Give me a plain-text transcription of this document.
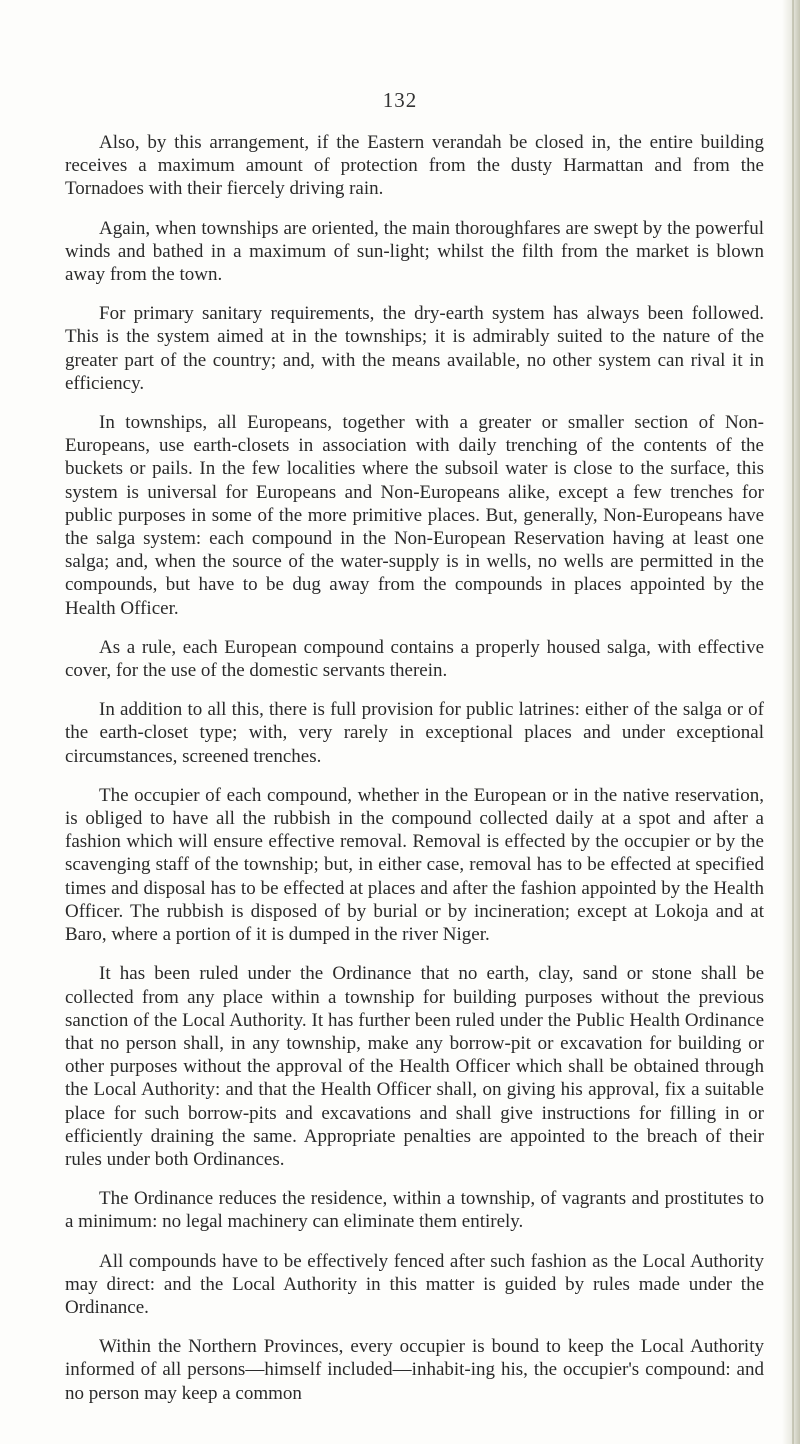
132

Also, by this arrangement, if the Eastern verandah be closed in, the entire building receives a maximum amount of protection from the dusty Harmattan and from the Tornadoes with their fiercely driving rain.

Again, when townships are oriented, the main thoroughfares are swept by the powerful winds and bathed in a maximum of sun-light; whilst the filth from the market is blown away from the town.

For primary sanitary requirements, the dry-earth system has always been followed. This is the system aimed at in the townships; it is admirably suited to the nature of the greater part of the country; and, with the means available, no other system can rival it in efficiency.

In townships, all Europeans, together with a greater or smaller section of Non-Europeans, use earth-closets in association with daily trenching of the contents of the buckets or pails. In the few localities where the subsoil water is close to the surface, this system is universal for Europeans and Non-Europeans alike, except a few trenches for public purposes in some of the more primitive places. But, generally, Non-Europeans have the salga system: each compound in the Non-European Reservation having at least one salga; and, when the source of the water-supply is in wells, no wells are permitted in the compounds, but have to be dug away from the compounds in places appointed by the Health Officer.

As a rule, each European compound contains a properly housed salga, with effective cover, for the use of the domestic servants therein.

In addition to all this, there is full provision for public latrines: either of the salga or of the earth-closet type; with, very rarely in exceptional places and under exceptional circumstances, screened trenches.

The occupier of each compound, whether in the European or in the native reservation, is obliged to have all the rubbish in the compound collected daily at a spot and after a fashion which will ensure effective removal. Removal is effected by the occupier or by the scavenging staff of the township; but, in either case, removal has to be effected at specified times and disposal has to be effected at places and after the fashion appointed by the Health Officer. The rubbish is disposed of by burial or by incineration; except at Lokoja and at Baro, where a portion of it is dumped in the river Niger.

It has been ruled under the Ordinance that no earth, clay, sand or stone shall be collected from any place within a township for building purposes without the previous sanction of the Local Authority. It has further been ruled under the Public Health Ordinance that no person shall, in any township, make any borrow-pit or excavation for building or other purposes without the approval of the Health Officer which shall be obtained through the Local Authority: and that the Health Officer shall, on giving his approval, fix a suitable place for such borrow-pits and excavations and shall give instructions for filling in or efficiently draining the same. Appropriate penalties are appointed to the breach of their rules under both Ordinances.

The Ordinance reduces the residence, within a township, of vagrants and prostitutes to a minimum: no legal machinery can eliminate them entirely.

All compounds have to be effectively fenced after such fashion as the Local Authority may direct: and the Local Authority in this matter is guided by rules made under the Ordinance.

Within the Northern Provinces, every occupier is bound to keep the Local Authority informed of all persons—himself included—inhabit-ing his, the occupier's compound: and no person may keep a common
